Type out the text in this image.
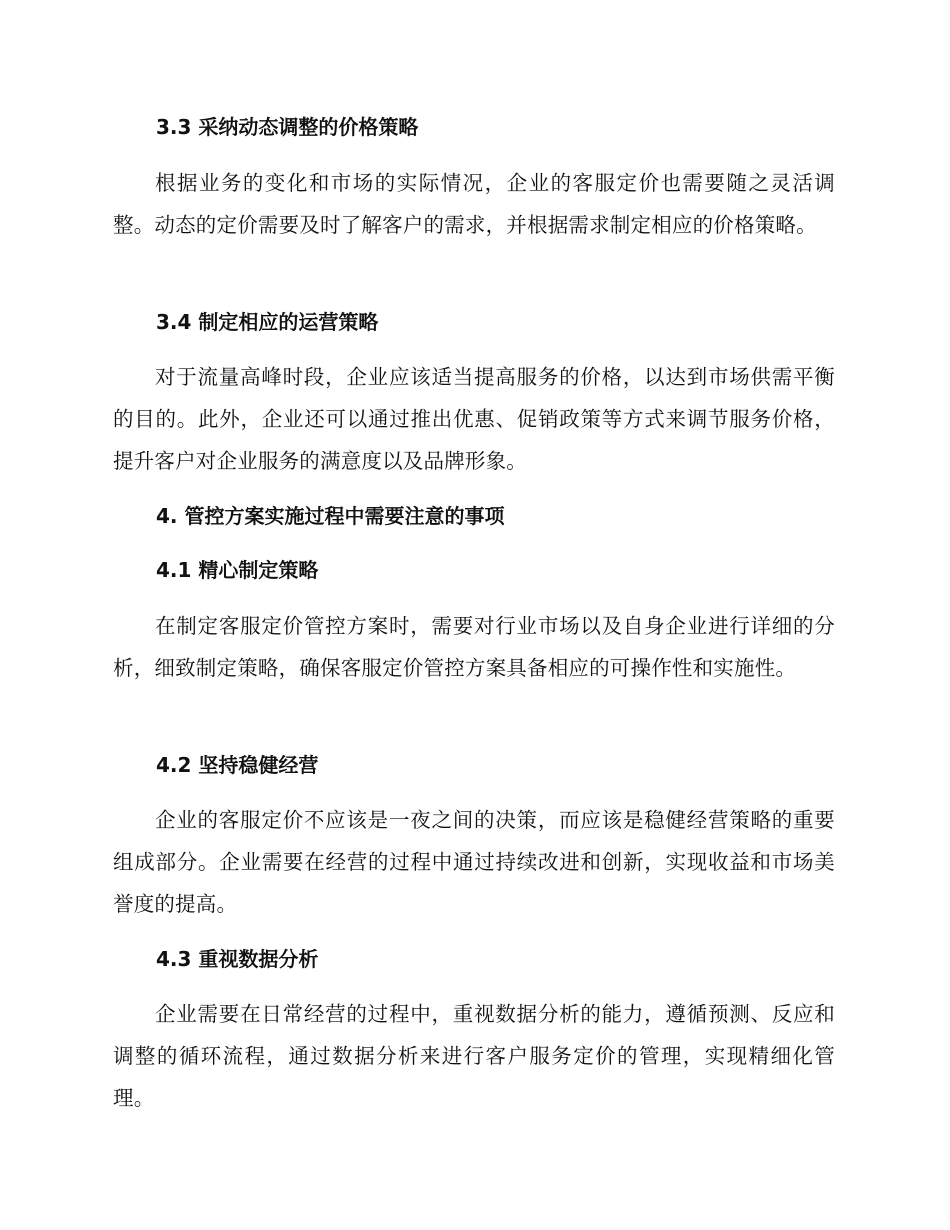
3.3 采纳动态调整的价格策略

根据业务的变化和市场的实际情况，企业的客服定价也需要随之灵活调整。动态的定价需要及时了解客户的需求，并根据需求制定相应的价格策略。

3.4 制定相应的运营策略

对于流量高峰时段，企业应该适当提高服务的价格，以达到市场供需平衡的目的。此外，企业还可以通过推出优惠、促销政策等方式来调节服务价格，提升客户对企业服务的满意度以及品牌形象。

4. 管控方案实施过程中需要注意的事项
4.1 精心制定策略

在制定客服定价管控方案时，需要对行业市场以及自身企业进行详细的分析，细致制定策略，确保客服定价管控方案具备相应的可操作性和实施性。

4.2 坚持稳健经营

企业的客服定价不应该是一夜之间的决策，而应该是稳健经营策略的重要组成部分。企业需要在经营的过程中通过持续改进和创新，实现收益和市场美誉度的提高。

4.3 重视数据分析

企业需要在日常经营的过程中，重视数据分析的能力，遵循预测、反应和调整的循环流程，通过数据分析来进行客户服务定价的管理，实现精细化管理。
